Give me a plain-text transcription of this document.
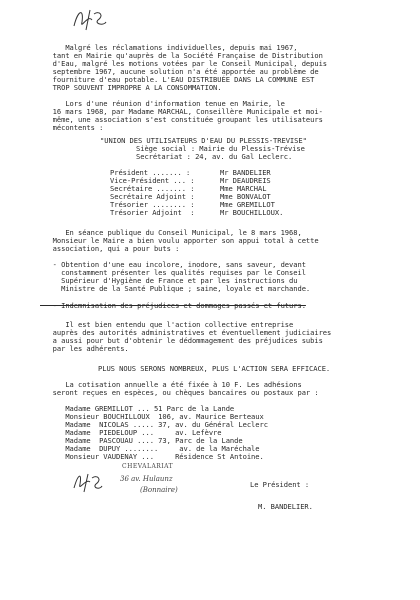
Malgré les réclamations individuelles, depuis mai 1967,
tant en Mairie qu'auprès de la Société Française de Distribution
d'Eau, malgré les motions votées par le Conseil Municipal, depuis
septembre 1967, aucune solution n'a été apportée au problème de
fourniture d'eau potable. L'EAU DISTRIBUÉE DANS LA COMMUNE EST
TROP SOUVENT IMPROPRE A LA CONSOMMATION.
Lors d'une réunion d'information tenue en Mairie, le
16 mars 1968, par Madame MARCHAL, Conseillère Municipale et moi-
même, une association s'est constituée groupant les utilisateurs
mécontents :
"UNION DES UTILISATEURS D'EAU DU PLESSIS-TREVISE"
Siège social : Mairie du Plessis-Trévise
Secrétariat : 24, av. du Gal Leclerc.
Président ....... :	Mr BANDELIER
Vice-Président ... :	Mr DEAUDREIS
Secrétaire ....... :	Mme MARCHAL
Secrétaire Adjoint :	Mme BONVALOT
Trésorier ........ :	Mme GREMILLOT
Trésorier Adjoint  :	Mr BOUCHILLOUX.
En séance publique du Conseil Municipal, le 8 mars 1968,
Monsieur le Maire a bien voulu apporter son appui total à cette
association, qui a pour buts :
- Obtention d'une eau incolore, inodore, sans saveur, devant
constamment présenter les qualités requises par le Conseil
Supérieur d'Hygiène de France et par les instructions du
Ministre de la Santé Publique ; saine, loyale et marchande.
- Indemnisation des préjudices et dommages passés et futurs.
Il est bien entendu que l'action collective entreprise
auprès des autorités administratives et éventuellement judiciaires
a aussi pour but d'obtenir le dédommagement des préjudices subis
par les adhérents.
PLUS NOUS SERONS NOMBREUX, PLUS L'ACTION SERA EFFICACE.
La cotisation annuelle a été fixée à 10 F. Les adhésions
seront reçues en espèces, ou chèques bancaires ou postaux par :
Madame GREMILLOT ... 51 Parc de la Lande
Monsieur BOUCHILLOUX  106, av. Maurice Berteaux
Madame  NICOLAS ..... 37, av. du Général Leclerc
Madame  PIEDELOUP ...     av. Lefèvre
Madame  PASCOUAU .... 73, Parc de la Lande
Madame  DUPUY ........     av. de la Maréchale
Monsieur VAUDENAY ...     Résidence St Antoine.
CHEVALARIAT
36 av. Hulaunz
(Bonnaire)
Le Président :
M. BANDELIER.
